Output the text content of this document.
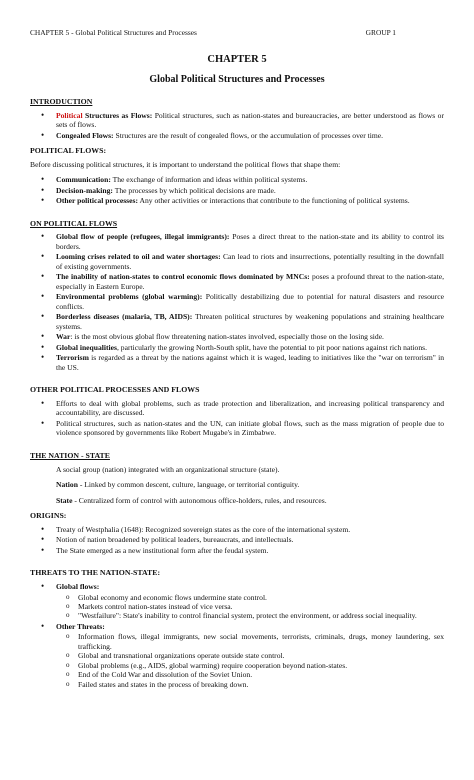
CHAPTER 5 - Global Political Structures and Processes	GROUP 1
CHAPTER 5
Global Political Structures and Processes
INTRODUCTION
• Political Structures as Flows: Political structures, such as nation-states and bureaucracies, are better understood as flows or sets of flows.
• Congealed Flows: Structures are the result of congealed flows, or the accumulation of processes over time.
POLITICAL FLOWS:

Before discussing political structures, it is important to understand the political flows that shape them:

• Communication: The exchange of information and ideas within political systems.
• Decision-making: The processes by which political decisions are made.
• Other political processes: Any other activities or interactions that contribute to the functioning of political systems.
ON POLITICAL FLOWS
• Global flow of people (refugees, illegal immigrants): Poses a direct threat to the nation-state and its ability to control its borders.
• Looming crises related to oil and water shortages: Can lead to riots and insurrections, potentially resulting in the downfall of existing governments.
• The inability of nation-states to control economic flows dominated by MNCs: poses a profound threat to the nation-state, especially in Eastern Europe.
• Environmental problems (global warming): Politically destabilizing due to potential for natural disasters and resource conflicts.
• Borderless diseases (malaria, TB, AIDS): Threaten political structures by weakening populations and straining healthcare systems.
• War: is the most obvious global flow threatening nation-states involved, especially those on the losing side.
• Global inequalities, particularly the growing North-South split, have the potential to pit poor nations against rich nations.
• Terrorism is regarded as a threat by the nations against which it is waged, leading to initiatives like the "war on terrorism" in the US.
OTHER POLITICAL PROCESSES AND FLOWS
• Efforts to deal with global problems, such as trade protection and liberalization, and increasing political transparency and accountability, are discussed.
• Political structures, such as nation-states and the UN, can initiate global flows, such as the mass migration of people due to violence sponsored by governments like Robert Mugabe's in Zimbabwe.
THE NATION - STATE

A social group (nation) integrated with an organizational structure (state).

Nation - Linked by common descent, culture, language, or territorial contiguity.

State - Centralized form of control with autonomous office-holders, rules, and resources.

ORIGINS:
• Treaty of Westphalia (1648): Recognized sovereign states as the core of the international system.
• Notion of nation broadened by political leaders, bureaucrats, and intellectuals.
• The State emerged as a new institutional form after the feudal system.
THREATS TO THE NATION-STATE:
• Global flows:
o Global economy and economic flows undermine state control.
o Markets control nation-states instead of vice versa.
o "Westfailure": State's inability to control financial system, protect the environment, or address social inequality.
• Other Threats:
o Information flows, illegal immigrants, new social movements, terrorists, criminals, drugs, money laundering, sex trafficking.
o Global and transnational organizations operate outside state control.
o Global problems (e.g., AIDS, global warming) require cooperation beyond nation-states.
o End of the Cold War and dissolution of the Soviet Union.
o Failed states and states in the process of breaking down.
